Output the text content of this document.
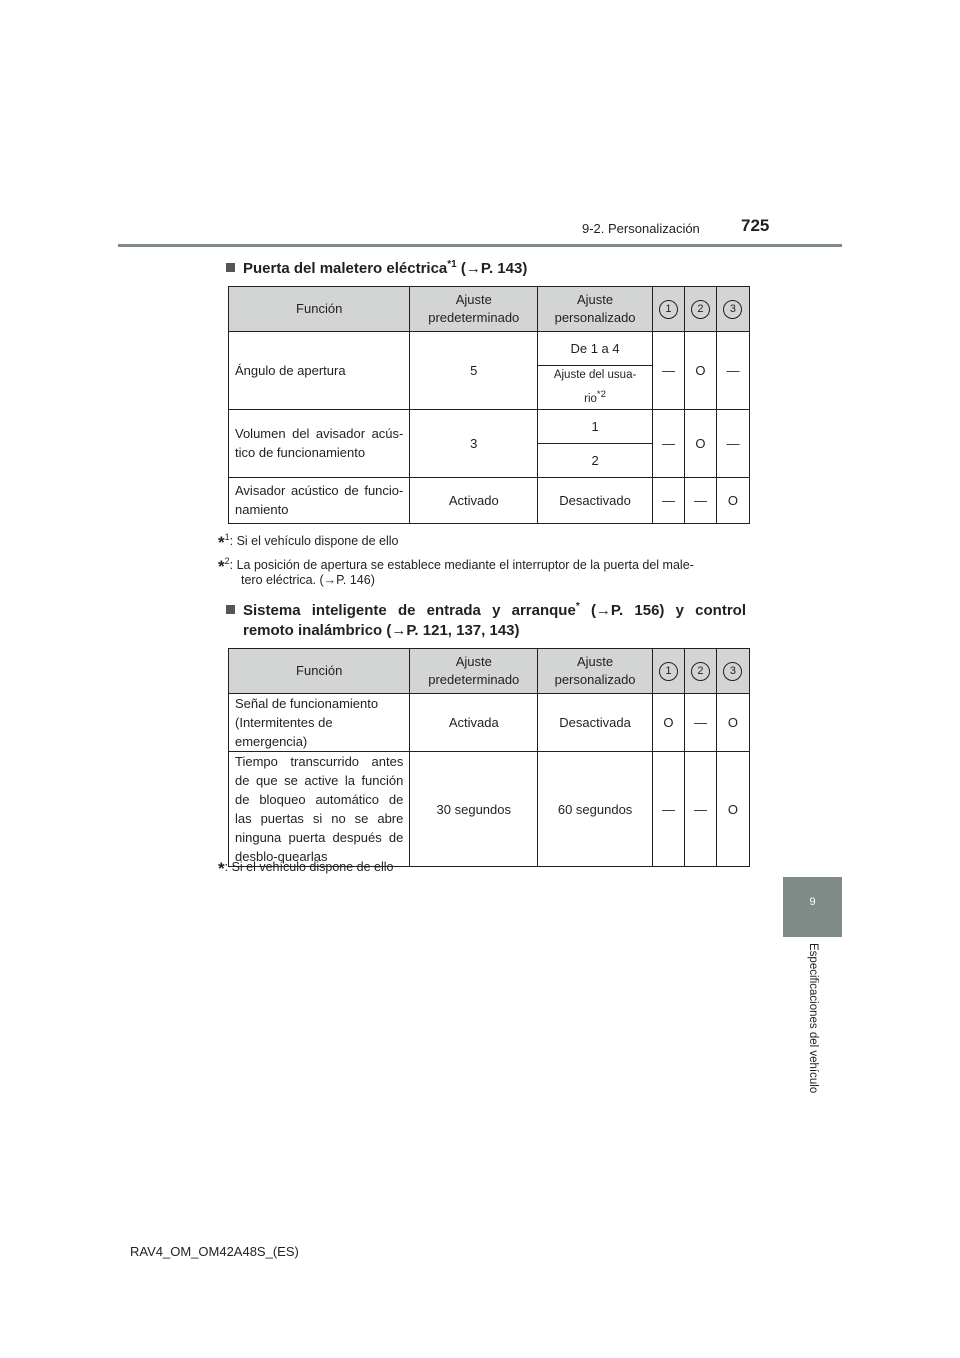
9-2. Personalización 725
9
Especificaciones del vehículo
Puerta del maletero eléctrica$^{*1}$ (→P. 143)
Función	Ajuste predeterminado	Ajuste personalizado	1	2	3
Ángulo de apertura	5	De 1 a 4	—	O	—
		Ajuste del usua-rio$^{*2}$
Volumen del avisador acús-tico de funcionamiento	3	1	—	O	—
		2			
Avisador acústico de funcio-namiento	Activado	Desactivado	—	—	O
*$^1$: Si el vehículo dispone de ello
*$^2$: La posición de apertura se establece mediante el interruptor de la puerta del male-
tero eléctrica. (→P. 146)
Sistema inteligente de entrada y arranque* (→P. 156) y control
remoto inalámbrico (→P. 121, 137, 143)
Función	Ajuste predeterminado	Ajuste personalizado	1	2	3
Señal de funcionamiento (Intermitentes de emergencia)	Activada	Desactivada	O	—	O
Tiempo transcurrido antes de que se active la función de bloqueo automático de las puertas si no se abre ninguna puerta después de desblo-quearlas	30 segundos	60 segundos	—	—	O
*: Si el vehículo dispone de ello
RAV4_OM_OM42A48S_(ES)
